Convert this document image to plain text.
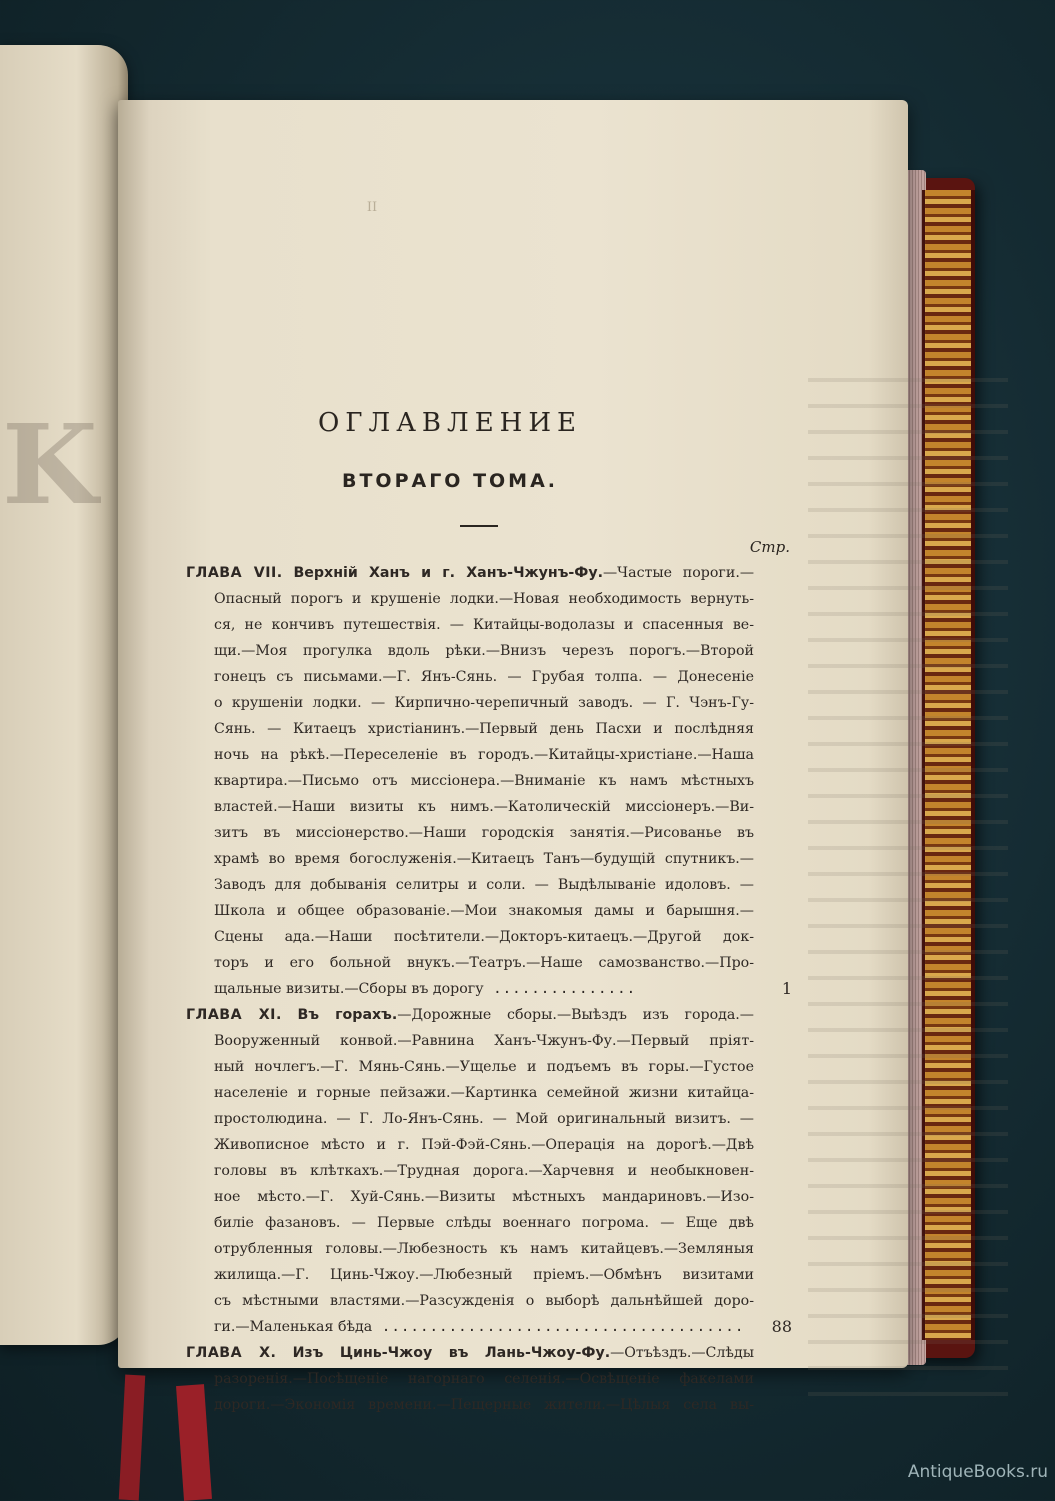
K
II
ОГЛАВЛЕНИЕ
ВТОРАГО ТОМА.
Стр.
ГЛАВА VII. Верхній Ханъ и г. Ханъ-Чжунъ-Фу.—Частые пороги.—
Опасный порогъ и крушеніе лодки.—Новая необходимость вернуть-
ся, не кончивъ путешествія. — Китайцы-водолазы и спасенныя ве-
щи.—Моя прогулка вдоль рѣки.—Внизъ черезъ порогъ.—Второй
гонецъ съ письмами.—Г. Янъ-Сянь. — Грубая толпа. — Донесеніе
о крушеніи лодки. — Кирпично-черепичный заводъ. — Г. Чэнъ-Гу-
Сянь. — Китаецъ христіанинъ.—Первый день Пасхи и послѣдняя
ночь на рѣкѣ.—Переселеніе въ городъ.—Китайцы-христіане.—Наша
квартира.—Письмо отъ миссіонера.—Вниманіе къ намъ мѣстныхъ
властей.—Наши визиты къ нимъ.—Католическій миссіонеръ.—Ви-
зитъ въ миссіонерство.—Наши городскія занятія.—Рисованье въ
храмѣ во время богослуженія.—Китаецъ Танъ—будущій спутникъ.—
Заводъ для добыванія селитры и соли. — Выдѣлываніе идоловъ. —
Школа и общее образованіе.—Мои знакомыя дамы и барышня.—
Сцены ада.—Наши посѣтители.—Докторъ-китаецъ.—Другой док-
торъ и его больной внукъ.—Театръ.—Наше самозванство.—Про-
щальные визиты.—Сборы въ дорогу ...............	1
ГЛАВА XI. Въ горахъ.—Дорожные сборы.—Выѣздъ изъ города.—
Вооруженный конвой.—Равнина Ханъ-Чжунъ-Фу.—Первый пріят-
ный ночлегъ.—Г. Мянь-Сянь.—Ущелье и подъемъ въ горы.—Густое
населеніе и горные пейзажи.—Картинка семейной жизни китайца-
простолюдина. — Г. Ло-Янъ-Сянь. — Мой оригинальный визитъ. —
Живописное мѣсто и г. Пэй-Фэй-Сянь.—Операція на дорогѣ.—Двѣ
головы въ клѣткахъ.—Трудная дорога.—Харчевня и необыкновен-
ное мѣсто.—Г. Хуй-Сянь.—Визиты мѣстныхъ мандариновъ.—Изо-
биліе фазановъ. — Первые слѣды военнаго погрома. — Еще двѣ
отрубленныя головы.—Любезность къ намъ китайцевъ.—Земляныя
жилища.—Г. Цинь-Чжоу.—Любезный пріемъ.—Обмѣнъ визитами
съ мѣстными властями.—Разсужденія о выборѣ дальнѣйшей доро-
ги.—Маленькая бѣда ......................................	88
ГЛАВА X. Изъ Цинь-Чжоу въ Лань-Чжоу-Фу.—Отъѣздъ.—Слѣды
разоренія.—Посѣщеніе нагорнаго селенія.—Освѣщеніе факелами
дороги.—Экономія времени.—Пещерные жители.—Цѣлыя села вы-
AntiqueBooks.ru
